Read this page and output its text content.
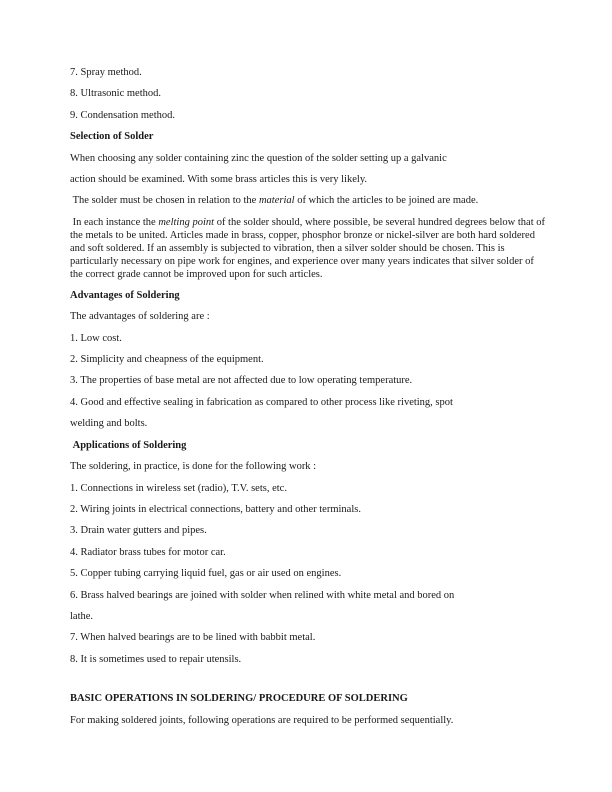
7. Spray method.
8. Ultrasonic method.
9. Condensation method.
Selection of Solder
When choosing any solder containing zinc the question of the solder setting up a galvanic
action should be examined. With some brass articles this is very likely.
The solder must be chosen in relation to the material of which the articles to be joined are made.
In each instance the melting point of the solder should, where possible, be several hundred degrees below that of the metals to be united. Articles made in brass, copper, phosphor bronze or nickel-silver are both hard soldered and soft soldered. If an assembly is subjected to vibration, then a silver solder should be chosen. This is particularly necessary on pipe work for engines, and experience over many years indicates that silver solder of the correct grade cannot be improved upon for such articles.
Advantages of Soldering
The advantages of soldering are :
1. Low cost.
2. Simplicity and cheapness of the equipment.
3. The properties of base metal are not affected due to low operating temperature.
4. Good and effective sealing in fabrication as compared to other process like riveting, spot
welding and bolts.
Applications of Soldering
The soldering, in practice, is done for the following work :
1. Connections in wireless set (radio), T.V. sets, etc.
2. Wiring joints in electrical connections, battery and other terminals.
3. Drain water gutters and pipes.
4. Radiator brass tubes for motor car.
5. Copper tubing carrying liquid fuel, gas or air used on engines.
6. Brass halved bearings are joined with solder when relined with white metal and bored on
lathe.
7. When halved bearings are to be lined with babbit metal.
8. It is sometimes used to repair utensils.
BASIC OPERATIONS IN SOLDERING/ PROCEDURE OF SOLDERING
For making soldered joints, following operations are required to be performed sequentially.
